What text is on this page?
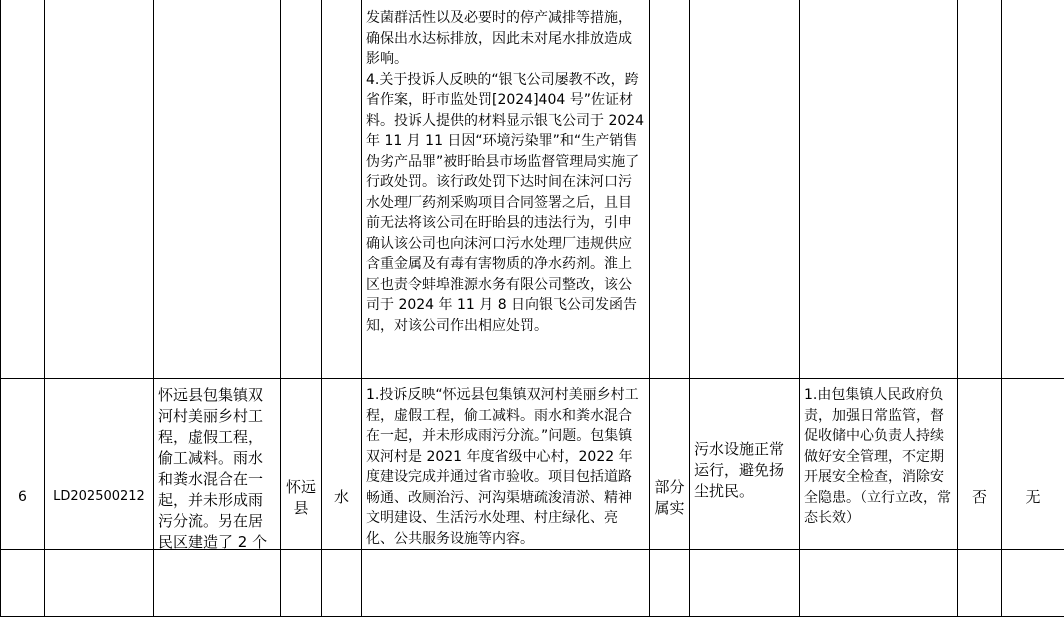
					发菌群活性以及必要时的停产减排等措施，确保出水达标排放，因此未对尾水排放造成影响。
4.关于投诉人反映的“银飞公司屡教不改，跨省作案，盱市监处罚[2024]404 号”佐证材料。投诉人提供的材料显示银飞公司于 2024 年 11 月 11 日因“环境污染罪”和“生产销售伪劣产品罪”被盱眙县市场监督管理局实施了行政处罚。该行政处罚下达时间在沫河口污水处理厂药剂采购项目合同签署之后，且目前无法将该公司在盱眙县的违法行为，引申确认该公司也向沫河口污水处理厂违规供应含重金属及有毒有害物质的净水药剂。淮上区也责令蚌埠淮源水务有限公司整改，该公司于 2024 年 11 月 8 日向银飞公司发函告知，对该公司作出相应处罚。					

6	LD202500212	怀远县包集镇双河村美丽乡村工程，虚假工程，偷工减料。雨水和粪水混合在一起，并未形成雨污分流。另在居民区建造了 2 个	怀远县	水	1.投诉反映“怀远县包集镇双河村美丽乡村工程，虚假工程，偷工减料。雨水和粪水混合在一起，并未形成雨污分流。”问题。包集镇双河村是 2021 年度省级中心村，2022 年度建设完成并通过省市验收。项目包括道路畅通、改厕治污、河沟渠塘疏浚清淤、精神文明建设、生活污水处理、村庄绿化、亮化、公共服务设施等内容。	部分属实	污水设施正常运行，避免扬尘扰民。	1.由包集镇人民政府负责，加强日常监管，督促收储中心负责人持续做好安全管理，不定期开展安全检查，消除安全隐患。（立行立改，常态长效）	否	无
